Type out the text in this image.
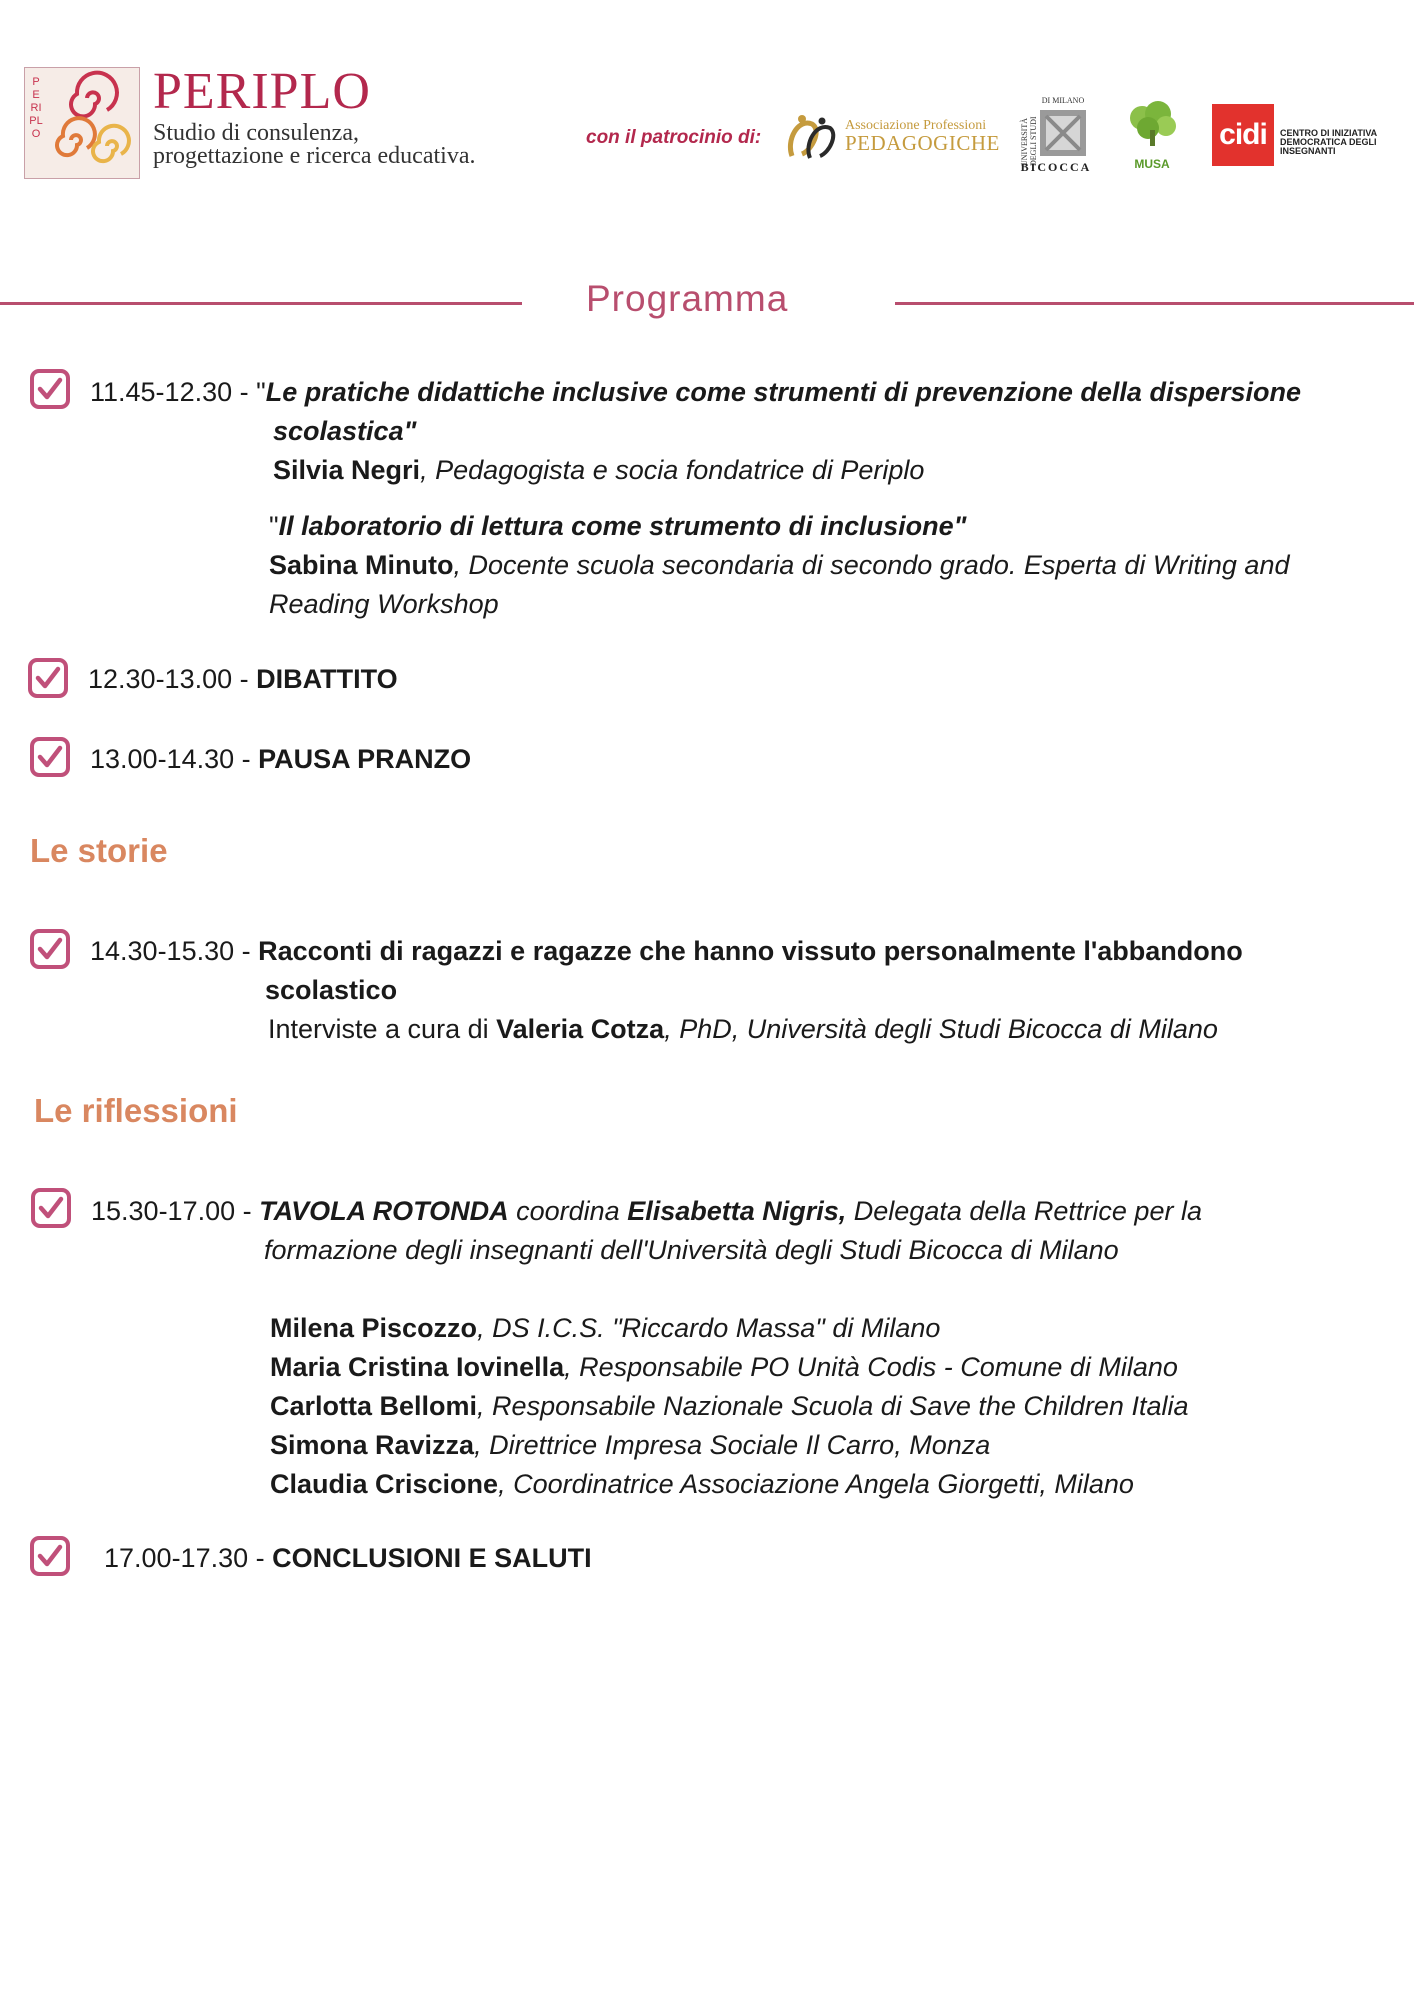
PERIPLO
PERIPLO
Studio di consulenza,
progettazione e ricerca educativa.
con il patrocinio di:
Associazione Professioni
PEDAGOGICHE	UNIVERSITÀ DEGLI STUDI
DI MILANO
BICOCCA	MUSA
cidi	CENTRO DI INIZIATIVA DEMOCRATICA DEGLI INSEGNANTI
Programma
11.45-12.30 - "Le pratiche didattiche inclusive come strumenti di prevenzione della dispersione
scolastica"
Silvia Negri, Pedagogista e socia fondatrice di Periplo
"Il laboratorio di lettura come strumento di inclusione"
Sabina Minuto, Docente scuola secondaria di secondo grado. Esperta di Writing and
Reading Workshop
12.30-13.00 - DIBATTITO
13.00-14.30 - PAUSA PRANZO
Le storie
14.30-15.30 - Racconti di ragazzi e ragazze che hanno vissuto personalmente l'abbandono
scolastico
Interviste a cura di Valeria Cotza, PhD, Università degli Studi Bicocca di Milano
Le riflessioni
15.30-17.00 - TAVOLA ROTONDA coordina Elisabetta Nigris, Delegata della Rettrice per la
formazione degli insegnanti dell'Università degli Studi Bicocca di Milano
Milena Piscozzo, DS I.C.S. "Riccardo Massa" di Milano
Maria Cristina Iovinella, Responsabile PO Unità Codis - Comune di Milano
Carlotta Bellomi, Responsabile Nazionale Scuola di Save the Children Italia
Simona Ravizza, Direttrice Impresa Sociale Il Carro, Monza
Claudia Criscione, Coordinatrice Associazione Angela Giorgetti, Milano
17.00-17.30 - CONCLUSIONI E SALUTI
